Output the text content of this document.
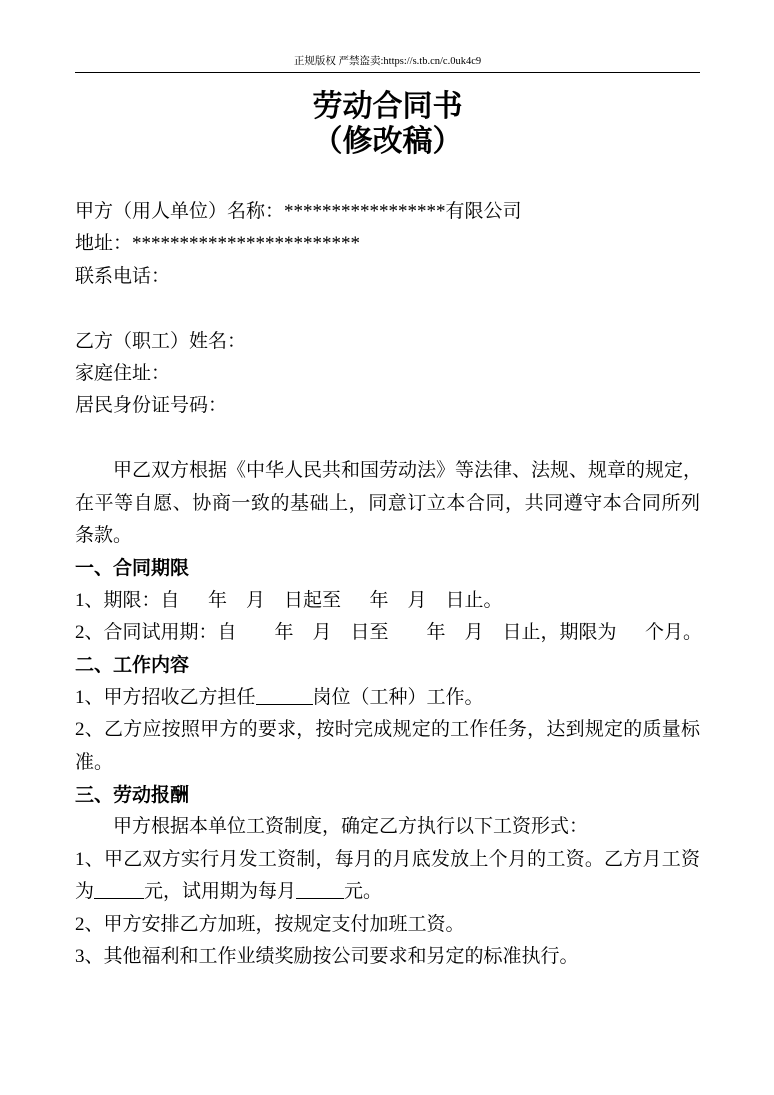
正规版权 严禁盗卖:https://s.tb.cn/c.0uk4c9
劳动合同书
（修改稿）
甲方（用人单位）名称：*****************有限公司
地址：************************
联系电话：
乙方（职工）姓名：
家庭住址：
居民身份证号码：
甲乙双方根据《中华人民共和国劳动法》等法律、法规、规章的规定，
在平等自愿、协商一致的基础上，同意订立本合同，共同遵守本合同所列
条款。
一、合同期限
1、期限：自   年  月  日起至   年  月  日止。
2、合同试用期：自    年  月  日至    年  月  日止，期限为   个月。
二、工作内容
1、甲方招收乙方担任	岗位（工种）工作。
2、乙方应按照甲方的要求，按时完成规定的工作任务，达到规定的质量标
准。
三、劳动报酬
甲方根据本单位工资制度，确定乙方执行以下工资形式：
1、甲乙双方实行月发工资制，每月的月底发放上个月的工资。乙方月工资
为	元，试用期为每月	元。
2、甲方安排乙方加班，按规定支付加班工资。
3、其他福利和工作业绩奖励按公司要求和另定的标准执行。
